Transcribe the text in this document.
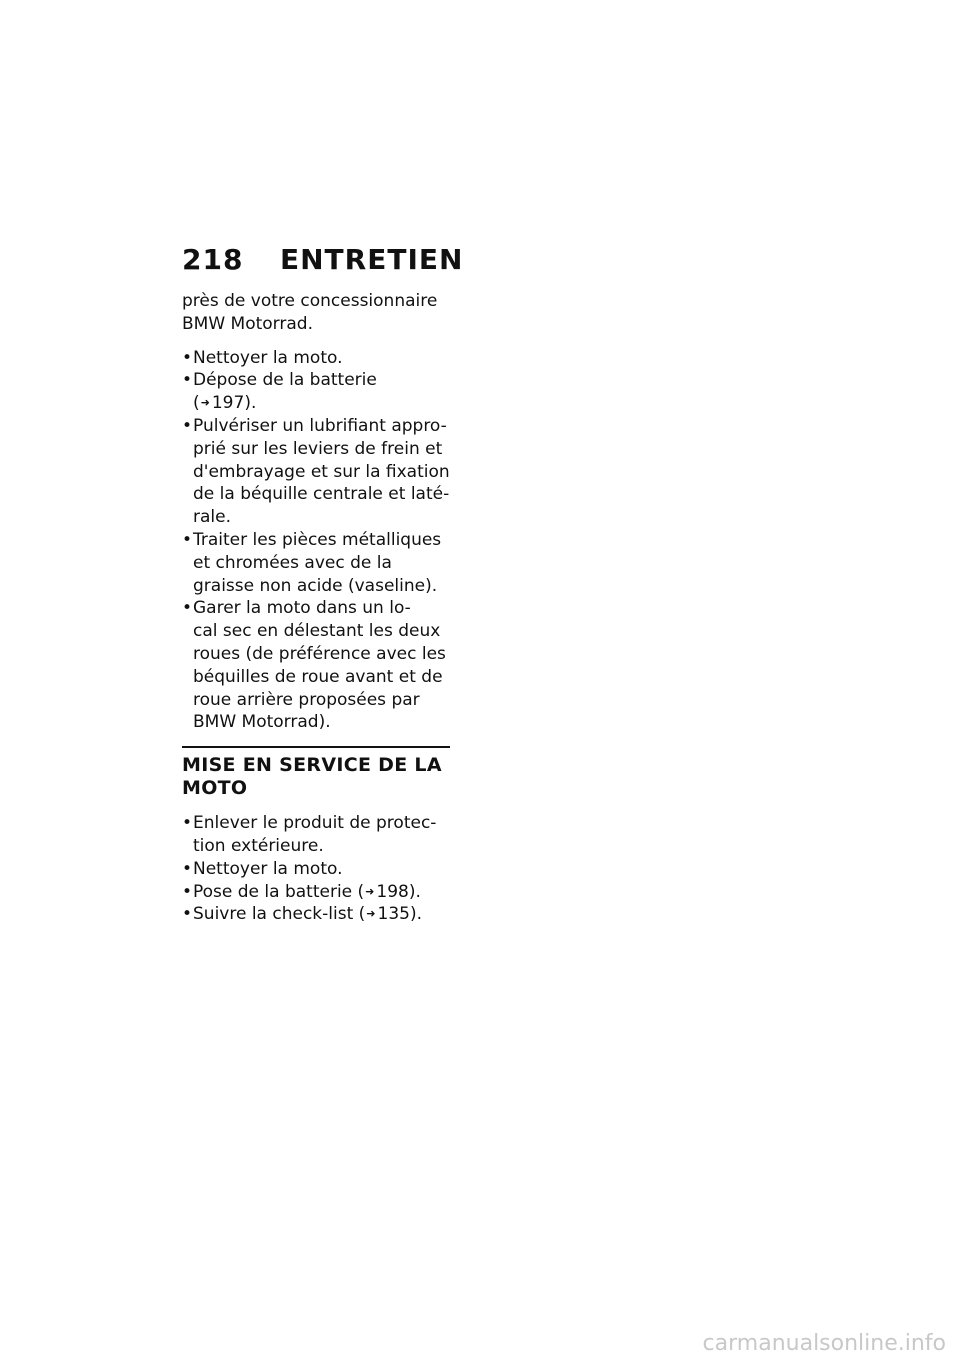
218 ENTRETIEN

près de votre concessionnaire
BMW Motorrad.

• Nettoyer la moto.
• Dépose de la batterie
(➜ 197).
• Pulvériser un lubrifiant appro-
prié sur les leviers de frein et
d'embrayage et sur la fixation
de la béquille centrale et laté-
rale.
• Traiter les pièces métalliques
et chromées avec de la
graisse non acide (vaseline).
• Garer la moto dans un lo-
cal sec en délestant les deux
roues (de préférence avec les
béquilles de roue avant et de
roue arrière proposées par
BMW Motorrad).
MISE EN SERVICE DE LA
MOTO
• Enlever le produit de protec-
tion extérieure.
• Nettoyer la moto.
• Pose de la batterie (➜ 198).
• Suivre la check-list (➜ 135).
carmanualsonline.info
